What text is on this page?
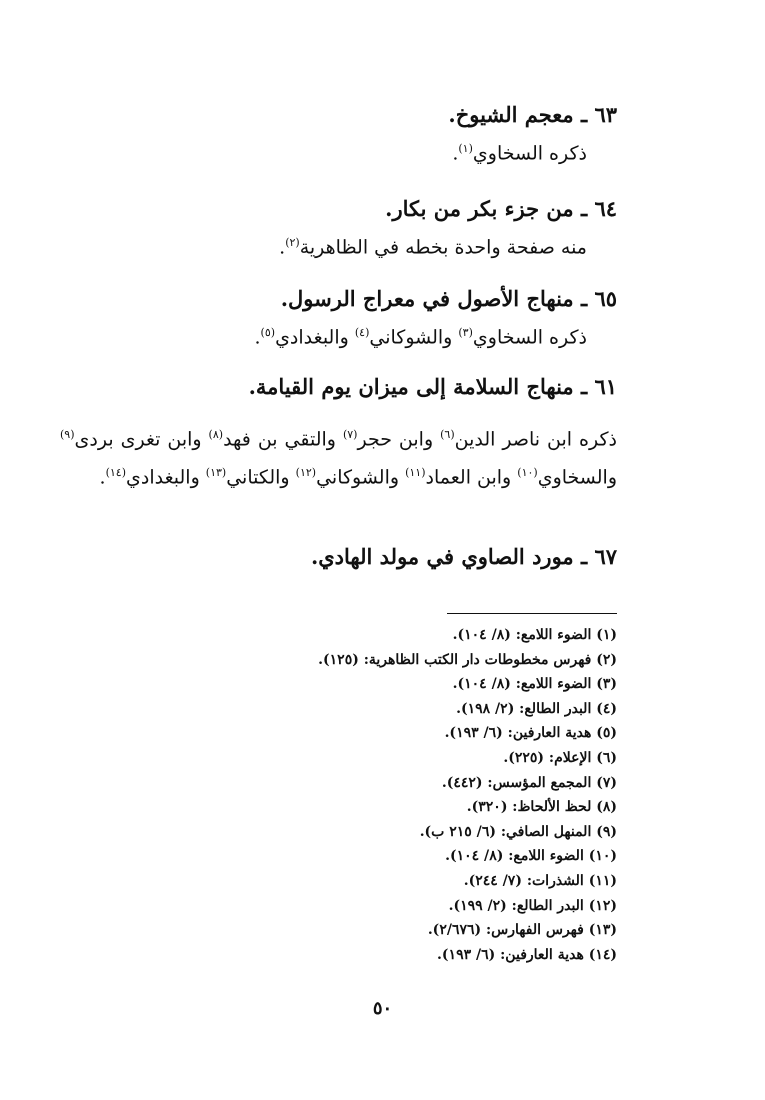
٦٣ ـ معجم الشيوخ.
ذكره السخاوي$^{(١)}$.
٦٤ ـ من جزء بكر من بكار.
منه صفحة واحدة بخطه في الظاهرية$^{(٢)}$.
٦٥ ـ منهاج الأصول في معراج الرسول.
ذكره السخاوي$^{(٣)}$ والشوكاني$^{(٤)}$ والبغدادي$^{(٥)}$.
٦١ ـ منهاج السلامة إلى ميزان يوم القيامة.
ذكره ابن ناصر الدين$^{(٦)}$ وابن حجر$^{(٧)}$ والتقي بن فهد$^{(٨)}$ وابن تغرى بردى$^{(٩)}$ والسخاوي$^{(١٠)}$ وابن العماد$^{(١١)}$ والشوكاني$^{(١٢)}$ والكتاني$^{(١٣)}$ والبغدادي$^{(١٤)}$.
٦٧ ـ مورد الصاوي في مولد الهادي.
(١) الضوء اللامع: (٨/ ١٠٤).
(٢) فهرس مخطوطات دار الكتب الظاهرية: (١٢٥).
(٣) الضوء اللامع: (٨/ ١٠٤).
(٤) البدر الطالع: (٢/ ١٩٨).
(٥) هدية العارفين: (٦/ ١٩٣).
(٦) الإعلام: (٢٢٥).
(٧) المجمع المؤسس: (٤٤٢).
(٨) لحظ الألحاظ: (٣٢٠).
(٩) المنهل الصافي: (٦/ ٢١٥ ب).
(١٠) الضوء اللامع: (٨/ ١٠٤).
(١١) الشذرات: (٧/ ٢٤٤).
(١٢) البدر الطالع: (٢/ ١٩٩).
(١٣) فهرس الفهارس: (٢/٦٧٦).
(١٤) هدية العارفين: (٦/ ١٩٣).
٥٠
